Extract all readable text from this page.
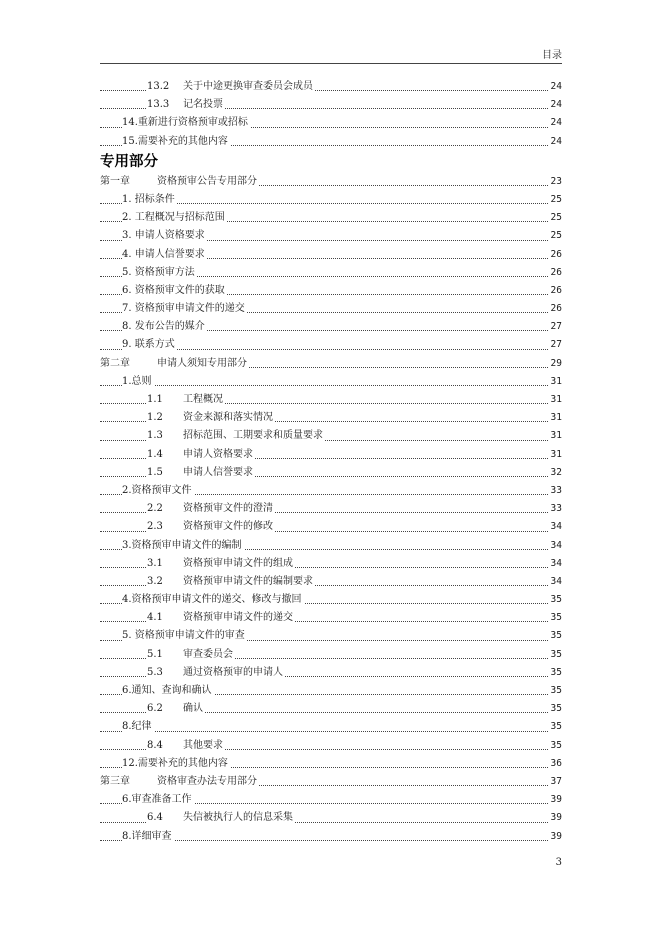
目录
13.2 关于中途更换审查委员会成员	24
13.3 记名投票	24
14.重新进行资格预审或招标	24
15.需要补充的其他内容	24
专用部分
第一章	资格预审公告专用部分	23
1. 招标条件	25
2. 工程概况与招标范围	25
3. 申请人资格要求	25
4. 申请人信誉要求	26
5. 资格预审方法	26
6. 资格预审文件的获取	26
7. 资格预审申请文件的递交	26
8. 发布公告的媒介	27
9. 联系方式	27
第二章	申请人须知专用部分	29
1.总则	31
1.1 工程概况	31
1.2 资金来源和落实情况	31
1.3 招标范围、工期要求和质量要求	31
1.4 申请人资格要求	31
1.5 申请人信誉要求	32
2.资格预审文件	33
2.2 资格预审文件的澄清	33
2.3 资格预审文件的修改	34
3.资格预审申请文件的编制	34
3.1 资格预审申请文件的组成	34
3.2 资格预审申请文件的编制要求	34
4.资格预审申请文件的递交、修改与撤回	35
4.1 资格预审申请文件的递交	35
5. 资格预审申请文件的审查	35
5.1 审查委员会	35
5.3 通过资格预审的申请人	35
6.通知、查询和确认	35
6.2 确认	35
8.纪律	35
8.4 其他要求	35
12.需要补充的其他内容	36
第三章	资格审查办法专用部分	37
6.审查准备工作	39
6.4 失信被执行人的信息采集	39
8.详细审查	39
3
